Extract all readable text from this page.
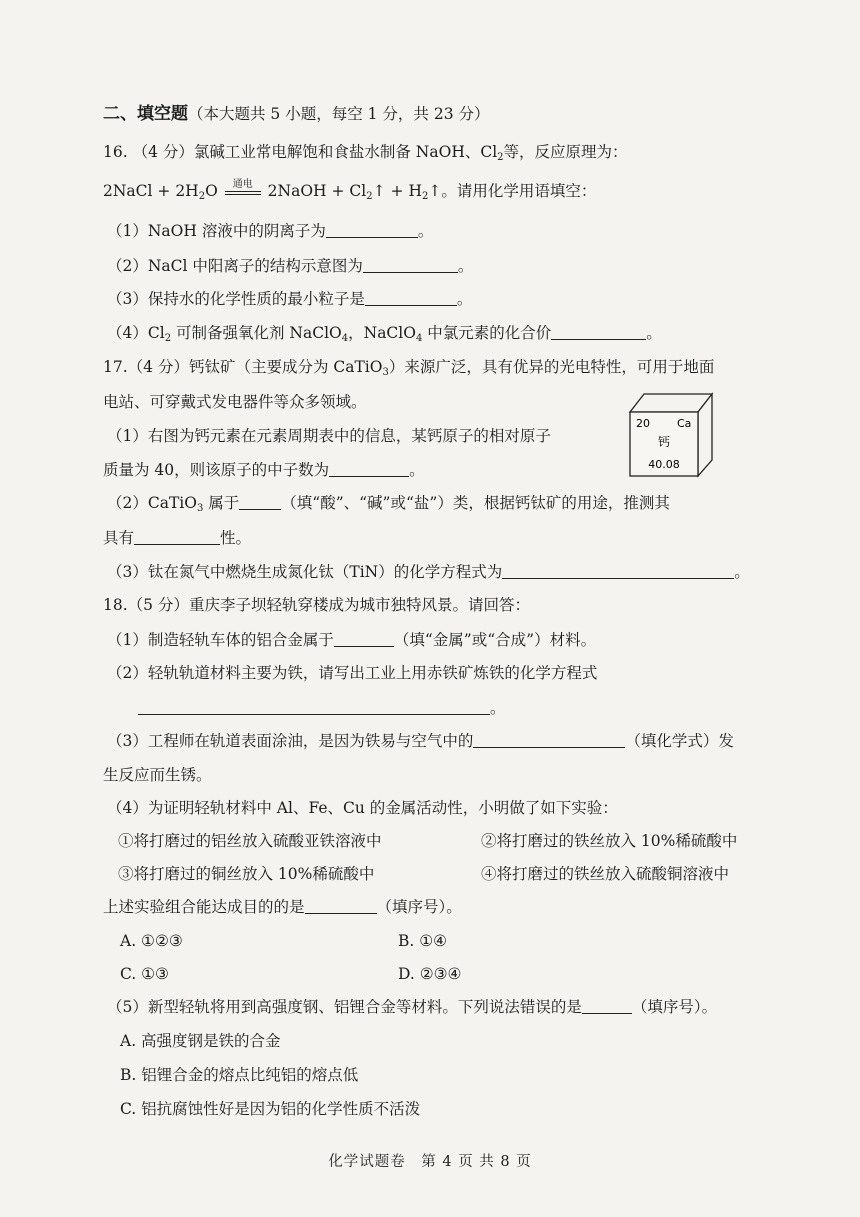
二、填空题（本大题共 5 小题，每空 1 分，共 23 分）
16. （4 分）氯碱工业常电解饱和食盐水制备 NaOH、$Cl_2$等，反应原理为：
2NaCl + $2H_2O$	通电 2NaOH + $Cl_2↑$ + $H_2↑$。请用化学用语填空：
（1）NaOH 溶液中的阴离子为	。
（2）NaCl 中阳离子的结构示意图为	。
（3）保持水的化学性质的最小粒子是	。
$(4)Cl_2$ 可制备强氧化剂 NaClO$_4$，NaClO$_4$ 中氯元素的化合价	。
17.（4 分）钙钛矿（主要成分为 CaTiO$_3$）来源广泛，具有优异的光电特性，可用于地面
电站、可穿戴式发电器件等众多领域。
（1）右图为钙元素在元素周期表中的信息，某钙原子的相对原子
质量为 40，则该原子的中子数为	。
20 Ca
钙
40.08
（2）CaTiO$_3$ 属于	（填“酸”、“碱”或“盐”）类，根据钙钛矿的用途，推测其
具有	性。
（3）钛在氮气中燃烧生成氮化钛（TiN）的化学方程式为	。
18.（5 分）重庆李子坝轻轨穿楼成为城市独特风景。请回答：
（1）制造轻轨车体的铝合金属于	（填“金属”或“合成”）材料。
（2）轻轨轨道材料主要为铁，请写出工业上用赤铁矿炼铁的化学方程式
。
（3）工程师在轨道表面涂油，是因为铁易与空气中的	（填化学式）发
生反应而生锈。
（4）为证明轻轨材料中 Al、Fe、Cu 的金属活动性，小明做了如下实验：
①将打磨过的铝丝放入硫酸亚铁溶液中	②将打磨过的铁丝放入 10%稀硫酸中
③将打磨过的铜丝放入 10%稀硫酸中	④将打磨过的铁丝放入硫酸铜溶液中
上述实验组合能达成目的的是	（填序号）。
A. ①②③	B. ①④
C. ①③	D. ②③④
（5）新型轻轨将用到高强度钢、铝锂合金等材料。下列说法错误的是	（填序号）。
A. 高强度钢是铁的合金
B. 铝锂合金的熔点比纯铝的熔点低
C. 铝抗腐蚀性好是因为铝的化学性质不活泼
化学试题卷　第 4 页 共 8 页
